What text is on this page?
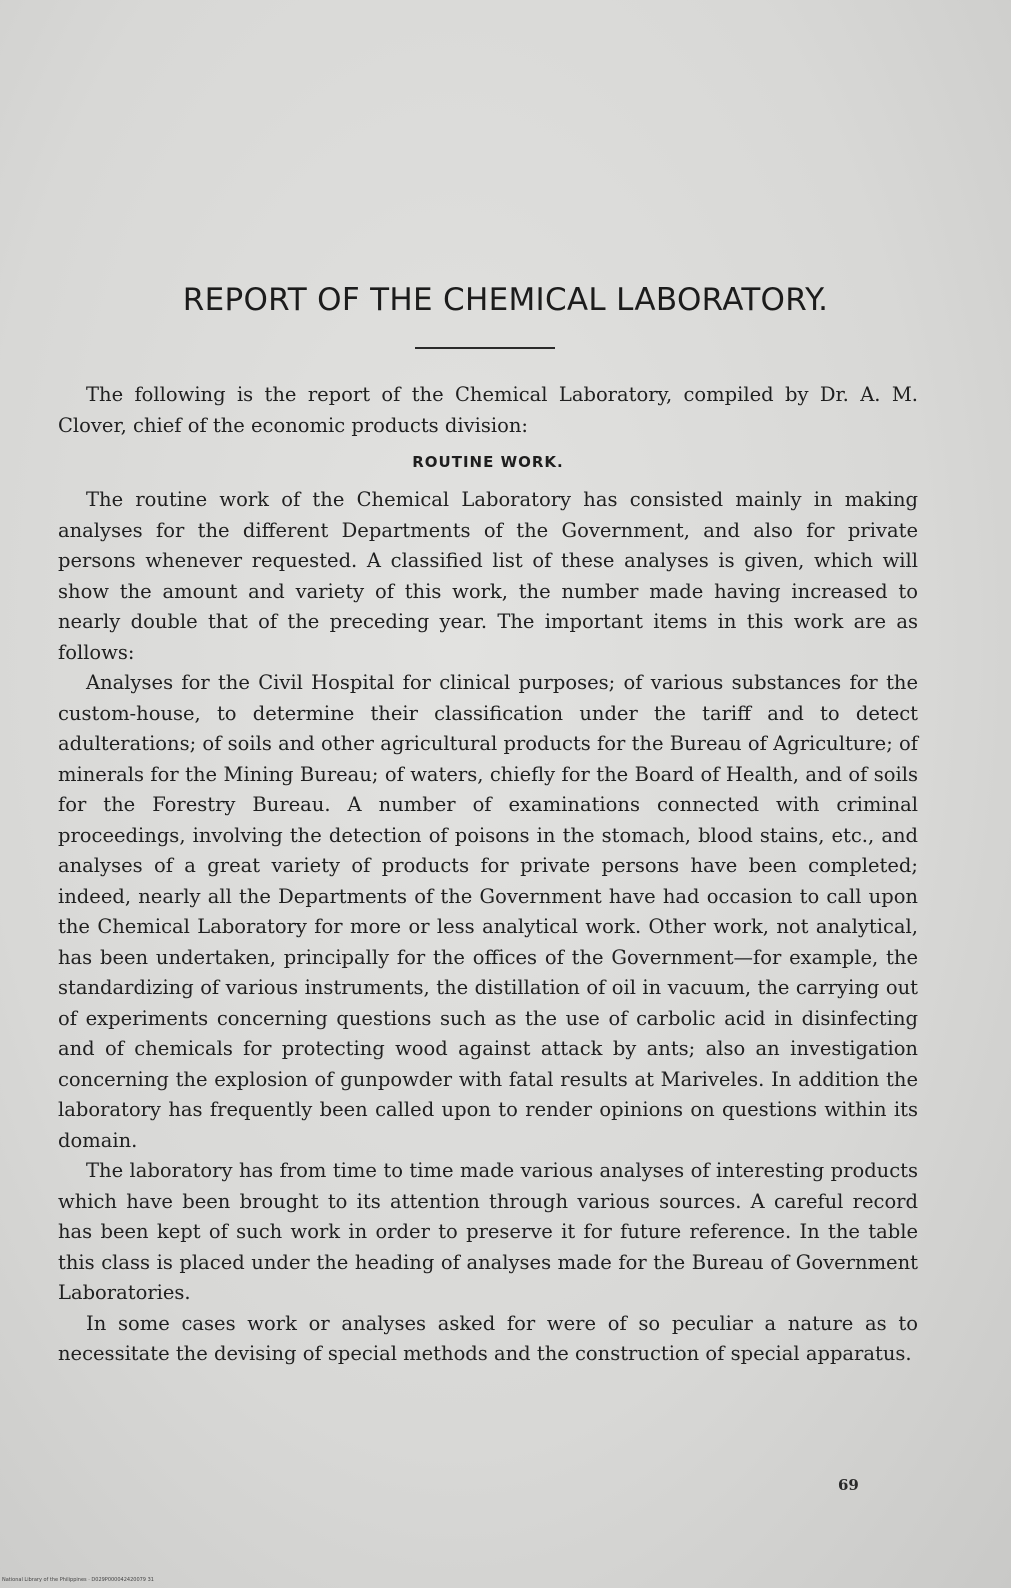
REPORT OF THE CHEMICAL LABORATORY.

The following is the report of the Chemical Laboratory, compiled by Dr. A. M. Clover, chief of the economic products division:

ROUTINE WORK.

The routine work of the Chemical Laboratory has consisted mainly in making analyses for the different Departments of the Government, and also for private persons whenever requested. A classified list of these analyses is given, which will show the amount and variety of this work, the number made having increased to nearly double that of the preceding year. The important items in this work are as follows:

Analyses for the Civil Hospital for clinical purposes; of various substances for the custom-house, to determine their classification under the tariff and to detect adulterations; of soils and other agricultural products for the Bureau of Agriculture; of minerals for the Mining Bureau; of waters, chiefly for the Board of Health, and of soils for the Forestry Bureau. A number of examinations connected with criminal proceedings, involving the detection of poisons in the stomach, blood stains, etc., and analyses of a great variety of products for private persons have been completed; indeed, nearly all the Departments of the Government have had occasion to call upon the Chemical Laboratory for more or less analytical work. Other work, not analytical, has been undertaken, principally for the offices of the Government—for example, the standardizing of various instruments, the distillation of oil in vacuum, the carrying out of experiments concerning questions such as the use of carbolic acid in disinfecting and of chemicals for protecting wood against attack by ants; also an investigation concerning the explosion of gunpowder with fatal results at Mariveles. In addition the laboratory has frequently been called upon to render opinions on questions within its domain.

The laboratory has from time to time made various analyses of interesting products which have been brought to its attention through various sources. A careful record has been kept of such work in order to preserve it for future reference. In the table this class is placed under the heading of analyses made for the Bureau of Government Laboratories.

In some cases work or analyses asked for were of so peculiar a nature as to necessitate the devising of special methods and the construction of special apparatus.

69
National Library of the Philippines · D029P000042420079 31
